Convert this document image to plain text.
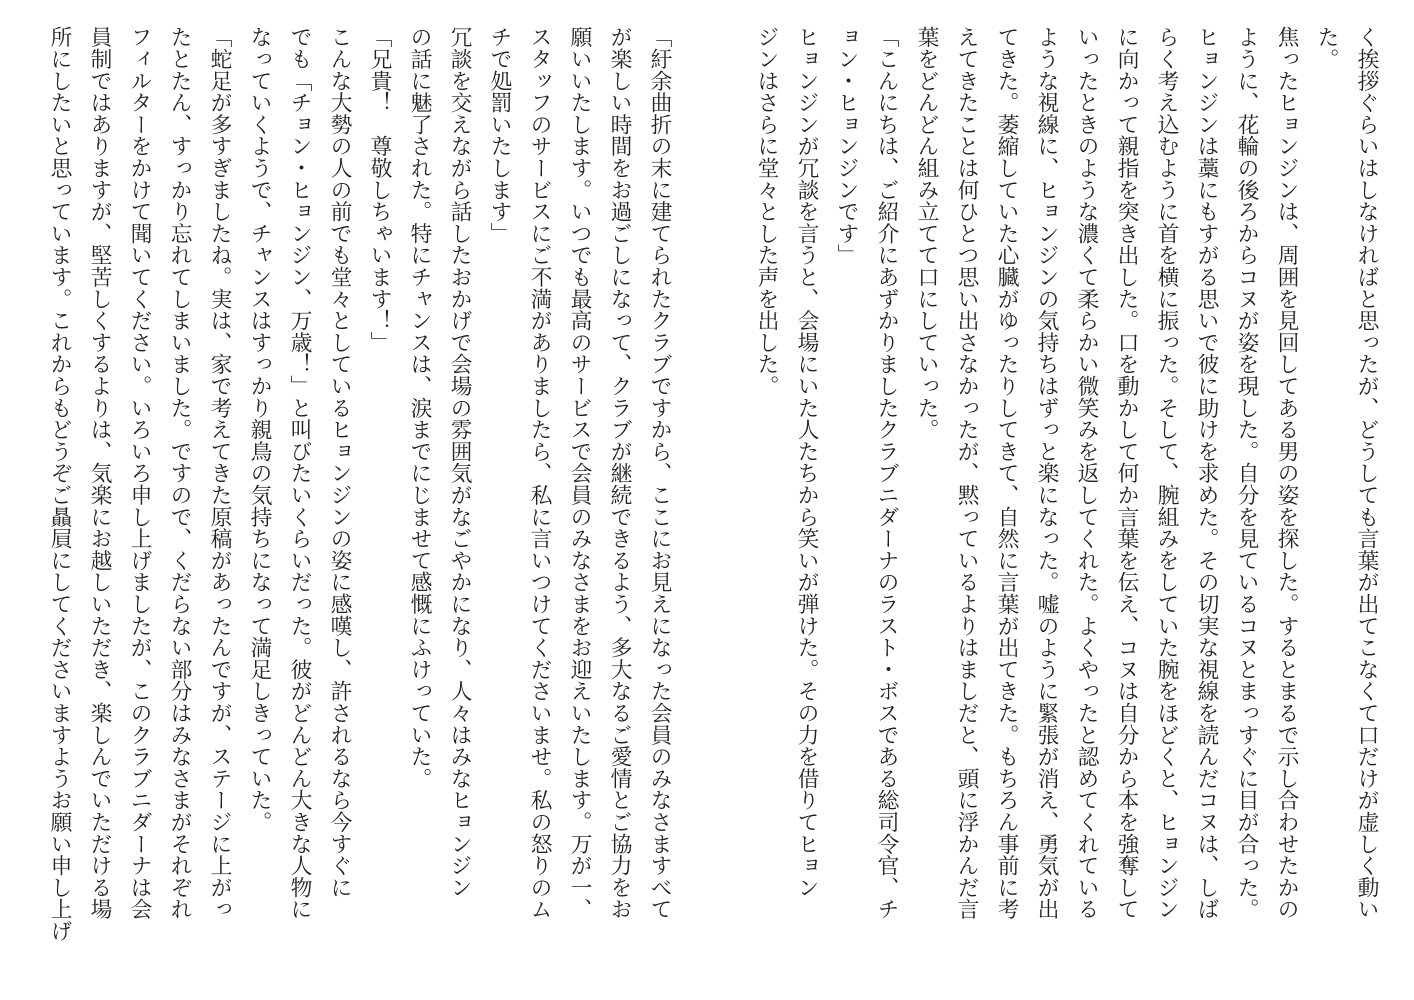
く挨拶ぐらいはしなければと思ったが、どうしても言葉が出てこなくて口だけが虚しく動い
た。
焦ったヒョンジンは、周囲を見回してある男の姿を探した。するとまるで示し合わせたかの
ように、花輪の後ろからコヌが姿を現した。自分を見ているコヌとまっすぐに目が合った。
ヒョンジンは藁にもすがる思いで彼に助けを求めた。その切実な視線を読んだコヌは、しば
らく考え込むように首を横に振った。そして、腕組みをしていた腕をほどくと、ヒョンジン
に向かって親指を突き出した。口を動かして何か言葉を伝え、コヌは自分から本を強奪して
いったときのような濃くて柔らかい微笑みを返してくれた。よくやったと認めてくれている
ような視線に、ヒョンジンの気持ちはずっと楽になった。嘘のように緊張が消え、勇気が出
てきた。萎縮していた心臓がゆったりしてきて、自然に言葉が出てきた。もちろん事前に考
えてきたことは何ひとつ思い出さなかったが、黙っているよりはましだと、頭に浮かんだ言
葉をどんどん組み立てて口にしていった。
「こんにちは、ご紹介にあずかりましたクラブニダーナのラスト・ボスである総司令官、チ
ョン・ヒョンジンです」
ヒョンジンが冗談を言うと、会場にいた人たちから笑いが弾けた。その力を借りてヒョン
ジンはさらに堂々とした声を出した。
「紆余曲折の末に建てられたクラブですから、ここにお見えになった会員のみなさますべて
が楽しい時間をお過ごしになって、クラブが継続できるよう、多大なるご愛情とご協力をお
願いいたします。いつでも最高のサービスで会員のみなさまをお迎えいたします。万が一、
スタッフのサービスにご不満がありましたら、私に言いつけてくださいませ。私の怒りのム
チで処罰いたします」
冗談を交えながら話したおかげで会場の雰囲気がなごやかになり、人々はみなヒョンジン
の話に魅了された。特にチャンスは、涙までにじませて感慨にふけっていた。
「兄貴！　尊敬しちゃいます！」
こんな大勢の人の前でも堂々としているヒョンジンの姿に感嘆し、許されるなら今すぐに
でも「チョン・ヒョンジン、万歳！」と叫びたいくらいだった。彼がどんどん大きな人物に
なっていくようで、チャンスはすっかり親鳥の気持ちになって満足しきっていた。
「蛇足が多すぎましたね。実は、家で考えてきた原稿があったんですが、ステージに上がっ
たとたん、すっかり忘れてしまいました。ですので、くだらない部分はみなさまがそれぞれ
フィルターをかけて聞いてください。いろいろ申し上げましたが、このクラブニダーナは会
員制ではありますが、堅苦しくするよりは、気楽にお越しいただき、楽しんでいただける場
所にしたいと思っています。これからもどうぞご贔屓にしてくださいますようお願い申し上げ
